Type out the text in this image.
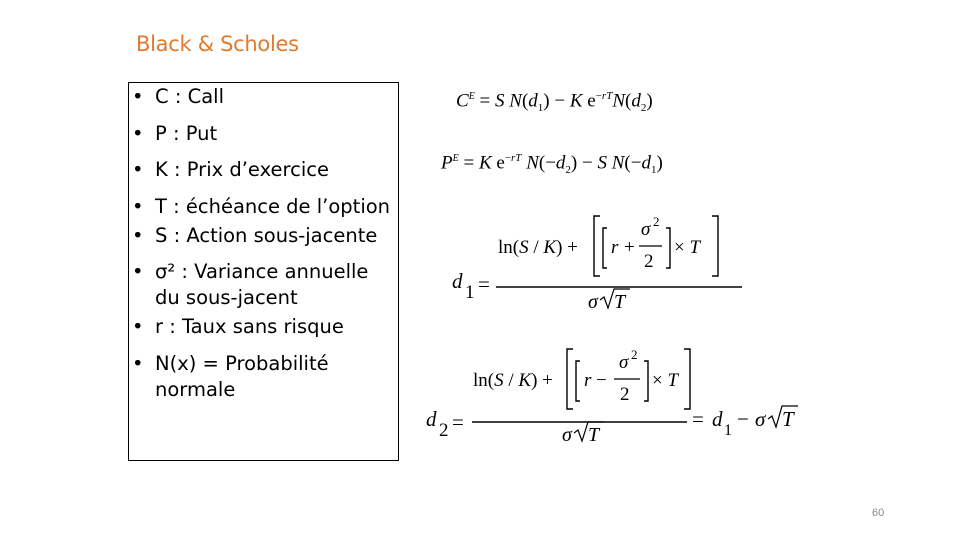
Black & Scholes
• C : Call
• P : Put
• K : Prix d’exercice
• T : échéance de l’option
• S : Action sous-jacente
• σ² : Variance annuelle du sous-jacent
• r : Taux sans risque
• N(x) = Probabilité normale
$C^E = S$ $N(d_1) - K$ $e^{-rT}N(d_2)$
$P^E = K$ $e^{-rT}$ $N(-d_2) - S$ $N(-d_1)$
d 1 =
ln(S / K) + r +
σ 2
2
× T
σ T
d 2 =
ln(S / K) + r −
σ 2
2
× T
σ T
= d 1 − σ T
60
